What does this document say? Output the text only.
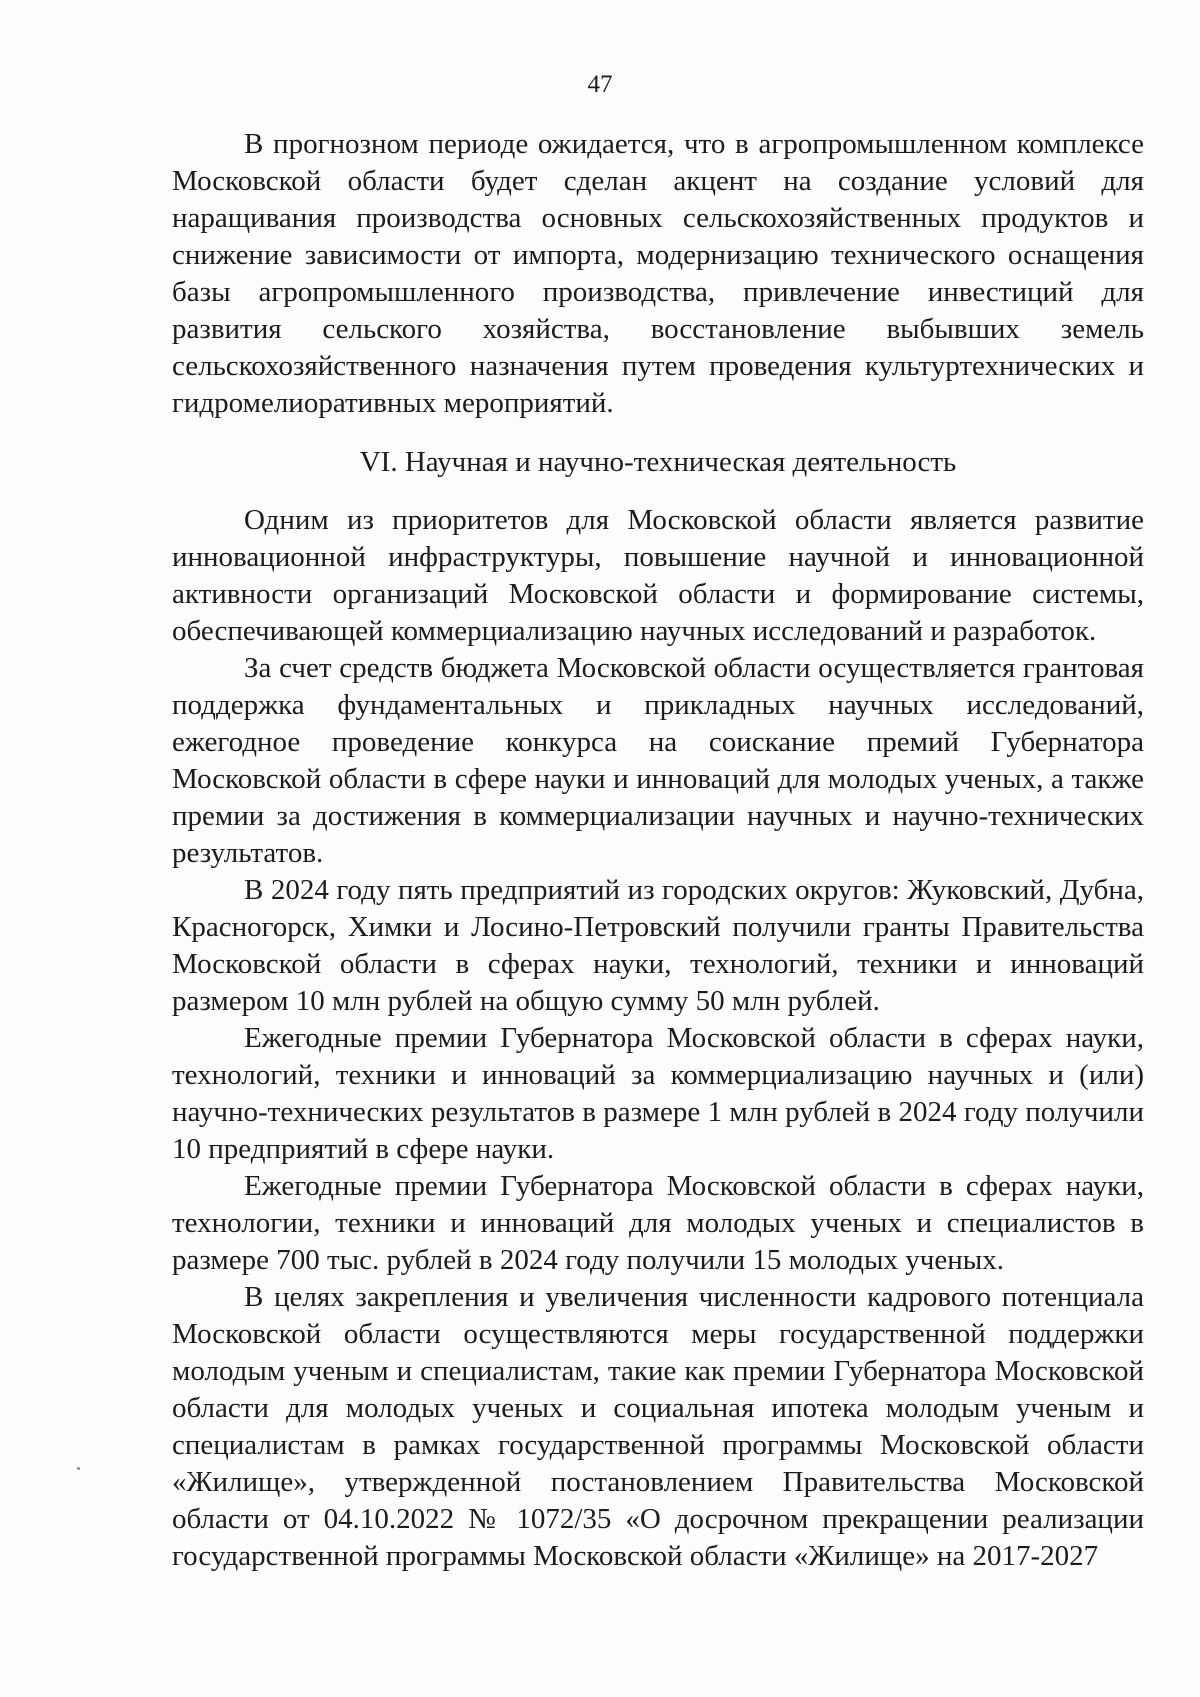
47

В прогнозном периоде ожидается, что в агропромышленном комплексе Московской области будет сделан акцент на создание условий для наращивания производства основных сельскохозяйственных продуктов и снижение зависимости от импорта, модернизацию технического оснащения базы агропромышленного производства, привлечение инвестиций для развития сельского хозяйства, восстановление выбывших земель сельскохозяйственного назначения путем проведения культуртехнических и гидромелиоративных мероприятий.

VI. Научная и научно-техническая деятельность

Одним из приоритетов для Московской области является развитие инновационной инфраструктуры, повышение научной и инновационной активности организаций Московской области и формирование системы, обеспечивающей коммерциализацию научных исследований и разработок.

За счет средств бюджета Московской области осуществляется грантовая поддержка фундаментальных и прикладных научных исследований, ежегодное проведение конкурса на соискание премий Губернатора Московской области в сфере науки и инноваций для молодых ученых, а также премии за достижения в коммерциализации научных и научно-технических результатов.

В 2024 году пять предприятий из городских округов: Жуковский, Дубна, Красногорск, Химки и Лосино-Петровский получили гранты Правительства Московской области в сферах науки, технологий, техники и инноваций размером 10 млн рублей на общую сумму 50 млн рублей.

Ежегодные премии Губернатора Московской области в сферах науки, технологий, техники и инноваций за коммерциализацию научных и (или) научно-технических результатов в размере 1 млн рублей в 2024 году получили 10 предприятий в сфере науки.

Ежегодные премии Губернатора Московской области в сферах науки, технологии, техники и инноваций для молодых ученых и специалистов в размере 700 тыс. рублей в 2024 году получили 15 молодых ученых.

В целях закрепления и увеличения численности кадрового потенциала Московской области осуществляются меры государственной поддержки молодым ученым и специалистам, такие как премии Губернатора Московской области для молодых ученых и социальная ипотека молодым ученым и специалистам в рамках государственной программы Московской области «Жилище», утвержденной постановлением Правительства Московской области от 04.10.2022 № 1072/35 «О досрочном прекращении реализации государственной программы Московской области «Жилище» на 2017-2027
